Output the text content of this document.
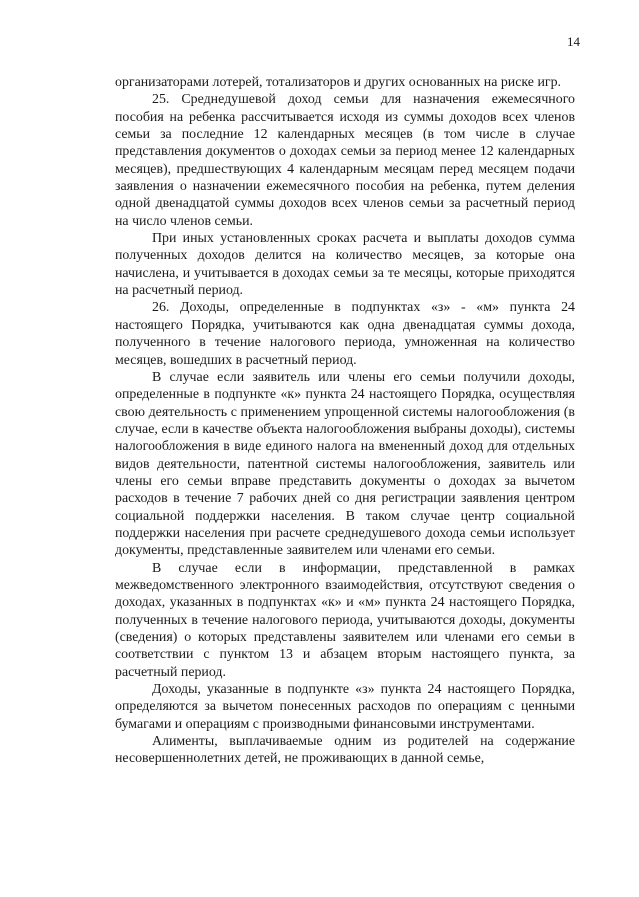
14

организаторами лотерей, тотализаторов и других основанных на риске игр.

25. Среднедушевой доход семьи для назначения ежемесячного пособия на ребенка рассчитывается исходя из суммы доходов всех членов семьи за последние 12 календарных месяцев (в том числе в случае представления документов о доходах семьи за период менее 12 календарных месяцев), предшествующих 4 календарным месяцам перед месяцем подачи заявления о назначении ежемесячного пособия на ребенка, путем деления одной двенадцатой суммы доходов всех членов семьи за расчетный период на число членов семьи.

При иных установленных сроках расчета и выплаты доходов сумма полученных доходов делится на количество месяцев, за которые она начислена, и учитывается в доходах семьи за те месяцы, которые приходятся на расчетный период.

26. Доходы, определенные в подпунктах «з» - «м» пункта 24 настоящего Порядка, учитываются как одна двенадцатая суммы дохода, полученного в течение налогового периода, умноженная на количество месяцев, вошедших в расчетный период.

В случае если заявитель или члены его семьи получили доходы, определенные в подпункте «к» пункта 24 настоящего Порядка, осуществляя свою деятельность с применением упрощенной системы налогообложения (в случае, если в качестве объекта налогообложения выбраны доходы), системы налогообложения в виде единого налога на вмененный доход для отдельных видов деятельности, патентной системы налогообложения, заявитель или члены его семьи вправе представить документы о доходах за вычетом расходов в течение 7 рабочих дней со дня регистрации заявления центром социальной поддержки населения. В таком случае центр социальной поддержки населения при расчете среднедушевого дохода семьи использует документы, представленные заявителем или членами его семьи.

В случае если в информации, представленной в рамках межведомственного электронного взаимодействия, отсутствуют сведения о доходах, указанных в подпунктах «к» и «м» пункта 24 настоящего Порядка, полученных в течение налогового периода, учитываются доходы, документы (сведения) о которых представлены заявителем или членами его семьи в соответствии с пунктом 13 и абзацем вторым настоящего пункта, за расчетный период.

Доходы, указанные в подпункте «з» пункта 24 настоящего Порядка, определяются за вычетом понесенных расходов по операциям с ценными бумагами и операциям с производными финансовыми инструментами.

Алименты, выплачиваемые одним из родителей на содержание несовершеннолетних детей, не проживающих в данной семье,
